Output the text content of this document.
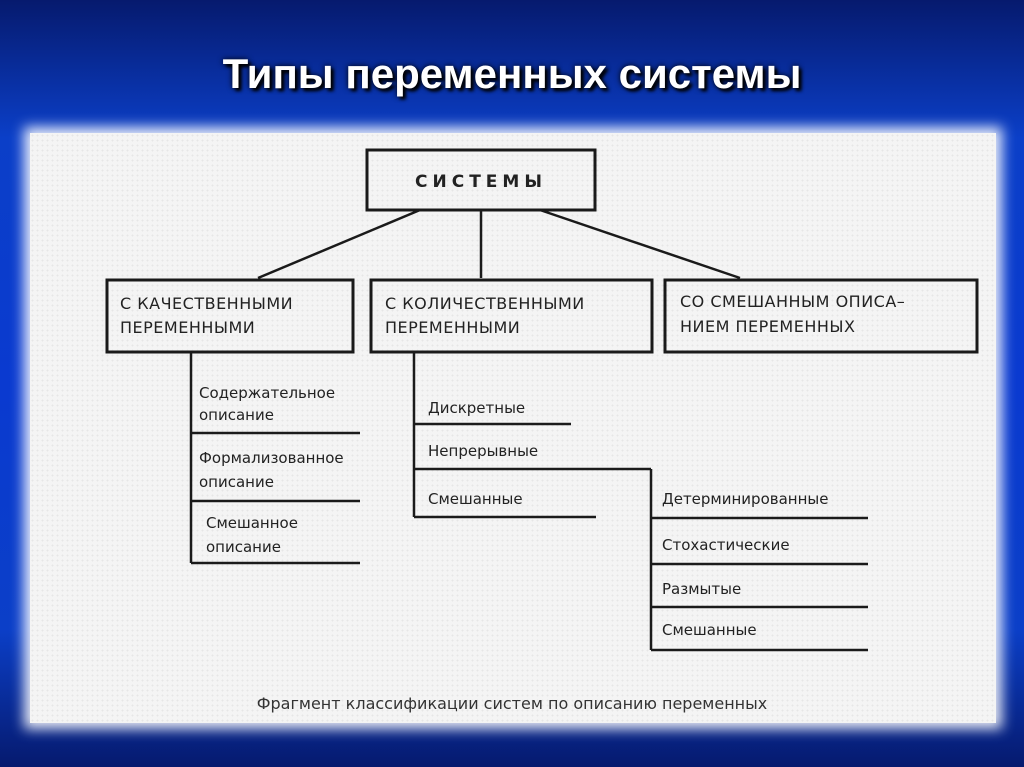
Типы переменных системы
СИСТЕМЫ
С КАЧЕСТВЕННЫМИ
ПЕРЕМЕННЫМИ
С КОЛИЧЕСТВЕННЫМИ
ПЕРЕМЕННЫМИ
СО СМЕШАННЫМ ОПИСА–
НИЕМ ПЕРЕМЕННЫХ
Содержательное
описание
Формализованное
описание
Смешанное
описание
Дискретные
Непрерывные
Смешанные	Детерминированные
Стохастические
Размытые
Смешанные
Фрагмент классификации систем по описанию переменных
